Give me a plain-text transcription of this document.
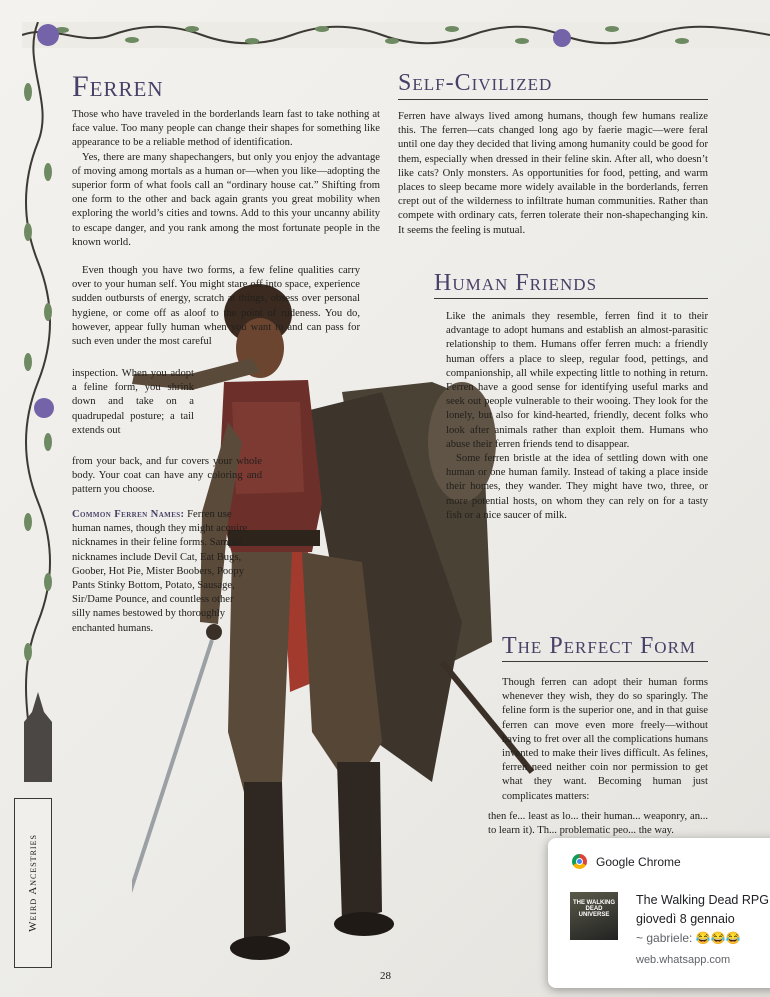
Weird Ancestries
Ferren	Self-Civilized
Human Friends
The Perfect Form

Those who have traveled in the borderlands learn fast to take nothing at face value. Too many people can change their shapes for something like appearance to be a reliable method of identification.

Yes, there are many shapechangers, but only you enjoy the advantage of moving among mortals as a human or—when you like—adopting the superior form of what fools call an “ordinary house cat.” Shifting from one form to the other and back again grants you great mobility when exploring the world’s cities and towns. Add to this your uncanny ability to escape danger, and you rank among the most fortunate people in the known world.

Even though you have two forms, a few feline qualities carry over to your human self. You might stare off into space, experience sudden outbursts of energy, scratch at things, obsess over personal hygiene, or come off as aloof to the point of rudeness. You do, however, appear fully human when you want to and can pass for such even under the most careful

inspection. When you adopt a feline form, you shrink down and take on a quadrupedal posture; a tail extends out

from your back, and fur covers your whole body. Your coat can have any coloring and pattern you choose.

Common Ferren Names: Ferren use human names, though they might acquire nicknames in their feline forms. Sample nicknames include Devil Cat, Eat Bugs, Goober, Hot Pie, Mister Boobers, Poopy Pants Stinky Bottom, Potato, Sausage, Sir/Dame Pounce, and countless other silly names bestowed by thoroughly enchanted humans.

Ferren have always lived among humans, though few humans realize this. The ferren—cats changed long ago by faerie magic—were feral until one day they decided that living among humanity could be good for them, especially when dressed in their feline skin. After all, who doesn’t like cats? Only monsters. As opportunities for food, petting, and warm places to sleep became more widely available in the borderlands, ferren crept out of the wilderness to infiltrate human communities. Rather than compete with ordinary cats, ferren tolerate their non-shapechanging kin. It seems the feeling is mutual.

Like the animals they resemble, ferren find it to their advantage to adopt humans and establish an almost-parasitic relationship to them. Humans offer ferren much: a friendly human offers a place to sleep, regular food, pettings, and companionship, all while expecting little to nothing in return. Ferren have a good sense for identifying useful marks and seek out people vulnerable to their wooing. They look for the lonely, but also for kind-hearted, friendly, decent folks who look after animals rather than exploit them. Humans who abuse their ferren friends tend to disappear.

Some ferren bristle at the idea of settling down with one human or one human family. Instead of taking a place inside their homes, they wander. They might have two, three, or more potential hosts, on whom they can rely on for a tasty fish or a nice saucer of milk.

Though ferren can adopt their human forms whenever they wish, they do so sparingly. The feline form is the superior one, and in that guise ferren can move even more freely—without having to fret over all the complications humans invented to make their lives difficult. As felines, ferren need neither coin nor permission to get what they want. Becoming human just complicates matters:

then fe... least as lo... their human... weaponry, an... to learn it). Th... problematic peo... the way.

28
Google Chrome
THE WALKING DEAD UNIVERSE
The Walking Dead RPG
giovedì 8 gennaio
~ gabriele: 😂😂😂
web.whatsapp.com
